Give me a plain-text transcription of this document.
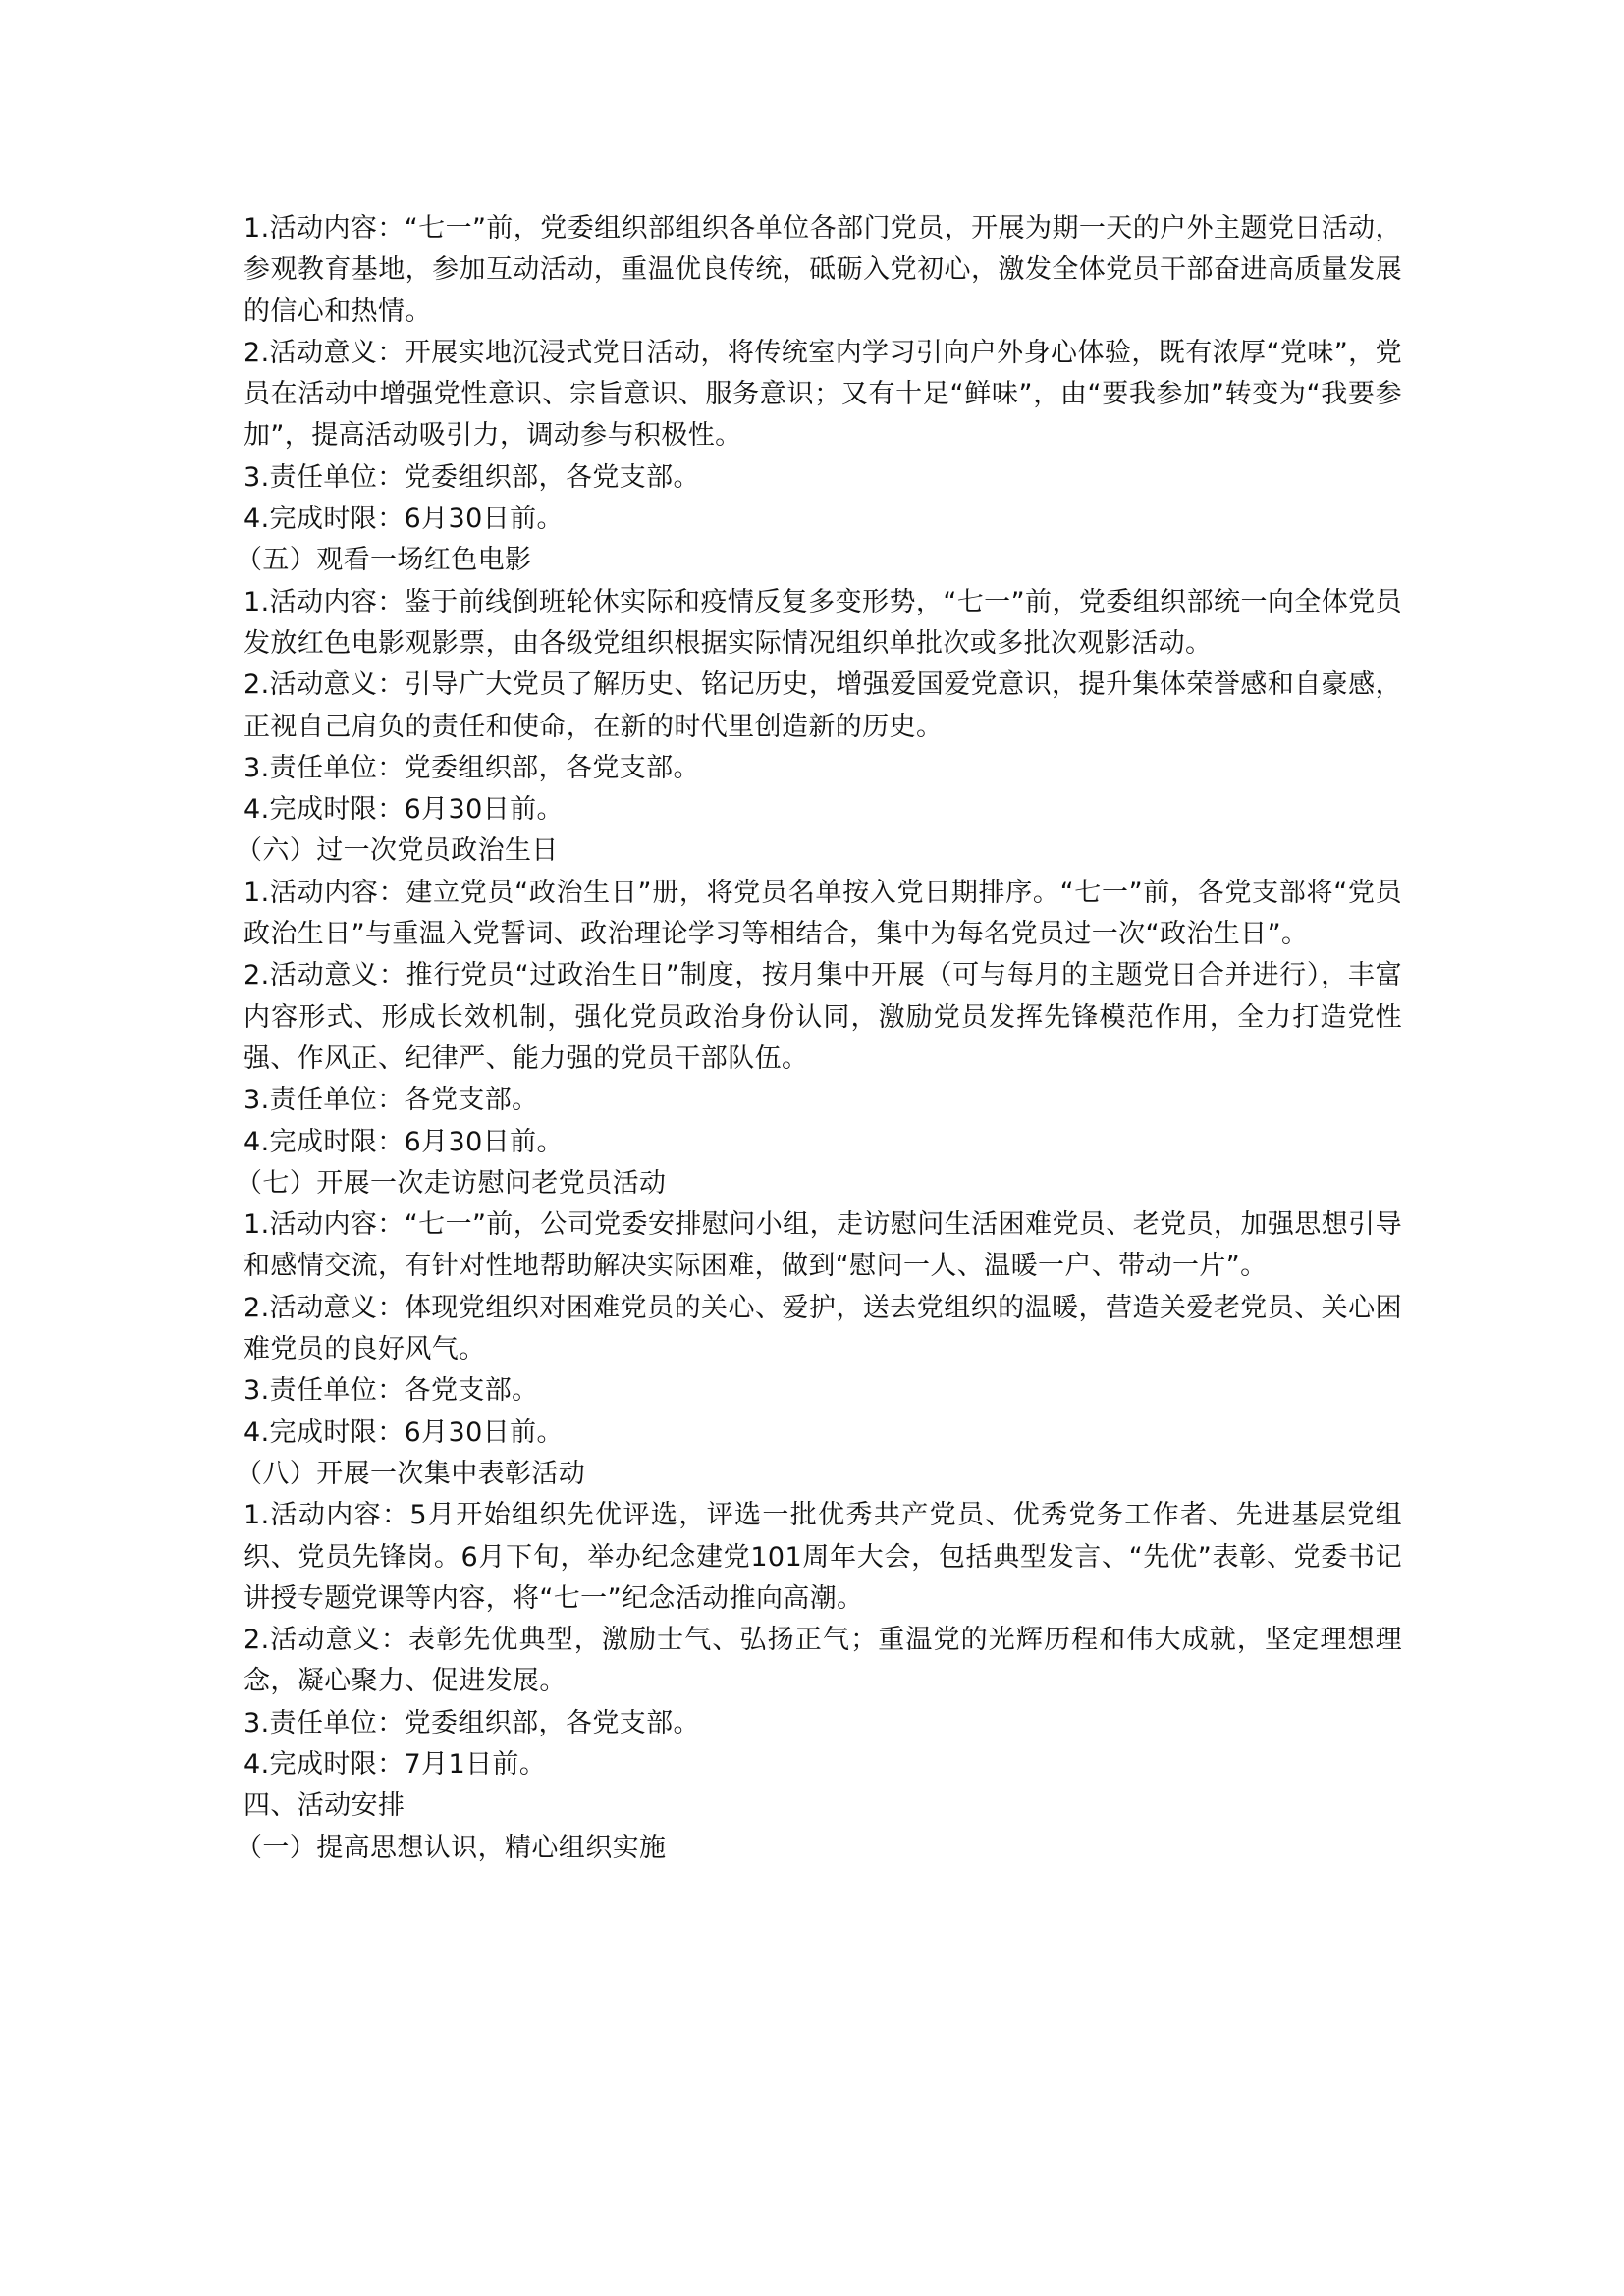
1.活动内容：“七一”前，党委组织部组织各单位各部门党员，开展为期一天的户外主题党日活动，参观教育基地，参加互动活动，重温优良传统，砥砺入党初心，激发全体党员干部奋进高质量发展的信心和热情。

2.活动意义：开展实地沉浸式党日活动，将传统室内学习引向户外身心体验，既有浓厚“党味”，党员在活动中增强党性意识、宗旨意识、服务意识；又有十足“鲜味”，由“要我参加”转变为“我要参加”，提高活动吸引力，调动参与积极性。

3.责任单位：党委组织部，各党支部。

4.完成时限：6月30日前。

（五）观看一场红色电影

1.活动内容：鉴于前线倒班轮休实际和疫情反复多变形势，“七一”前，党委组织部统一向全体党员发放红色电影观影票，由各级党组织根据实际情况组织单批次或多批次观影活动。

2.活动意义：引导广大党员了解历史、铭记历史，增强爱国爱党意识，提升集体荣誉感和自豪感，正视自己肩负的责任和使命，在新的时代里创造新的历史。

3.责任单位：党委组织部，各党支部。

4.完成时限：6月30日前。

（六）过一次党员政治生日

1.活动内容：建立党员“政治生日”册，将党员名单按入党日期排序。“七一”前，各党支部将“党员政治生日”与重温入党誓词、政治理论学习等相结合，集中为每名党员过一次“政治生日”。

2.活动意义：推行党员“过政治生日”制度，按月集中开展（可与每月的主题党日合并进行），丰富内容形式、形成长效机制，强化党员政治身份认同，激励党员发挥先锋模范作用，全力打造党性强、作风正、纪律严、能力强的党员干部队伍。

3.责任单位：各党支部。

4.完成时限：6月30日前。

（七）开展一次走访慰问老党员活动

1.活动内容：“七一”前，公司党委安排慰问小组，走访慰问生活困难党员、老党员，加强思想引导和感情交流，有针对性地帮助解决实际困难，做到“慰问一人、温暖一户、带动一片”。

2.活动意义：体现党组织对困难党员的关心、爱护，送去党组织的温暖，营造关爱老党员、关心困难党员的良好风气。

3.责任单位：各党支部。

4.完成时限：6月30日前。

（八）开展一次集中表彰活动

1.活动内容：5月开始组织先优评选，评选一批优秀共产党员、优秀党务工作者、先进基层党组织、党员先锋岗。6月下旬，举办纪念建党101周年大会，包括典型发言、“先优”表彰、党委书记讲授专题党课等内容，将“七一”纪念活动推向高潮。

2.活动意义：表彰先优典型，激励士气、弘扬正气；重温党的光辉历程和伟大成就，坚定理想理念，凝心聚力、促进发展。

3.责任单位：党委组织部，各党支部。

4.完成时限：7月1日前。

四、活动安排

（一）提高思想认识，精心组织实施
